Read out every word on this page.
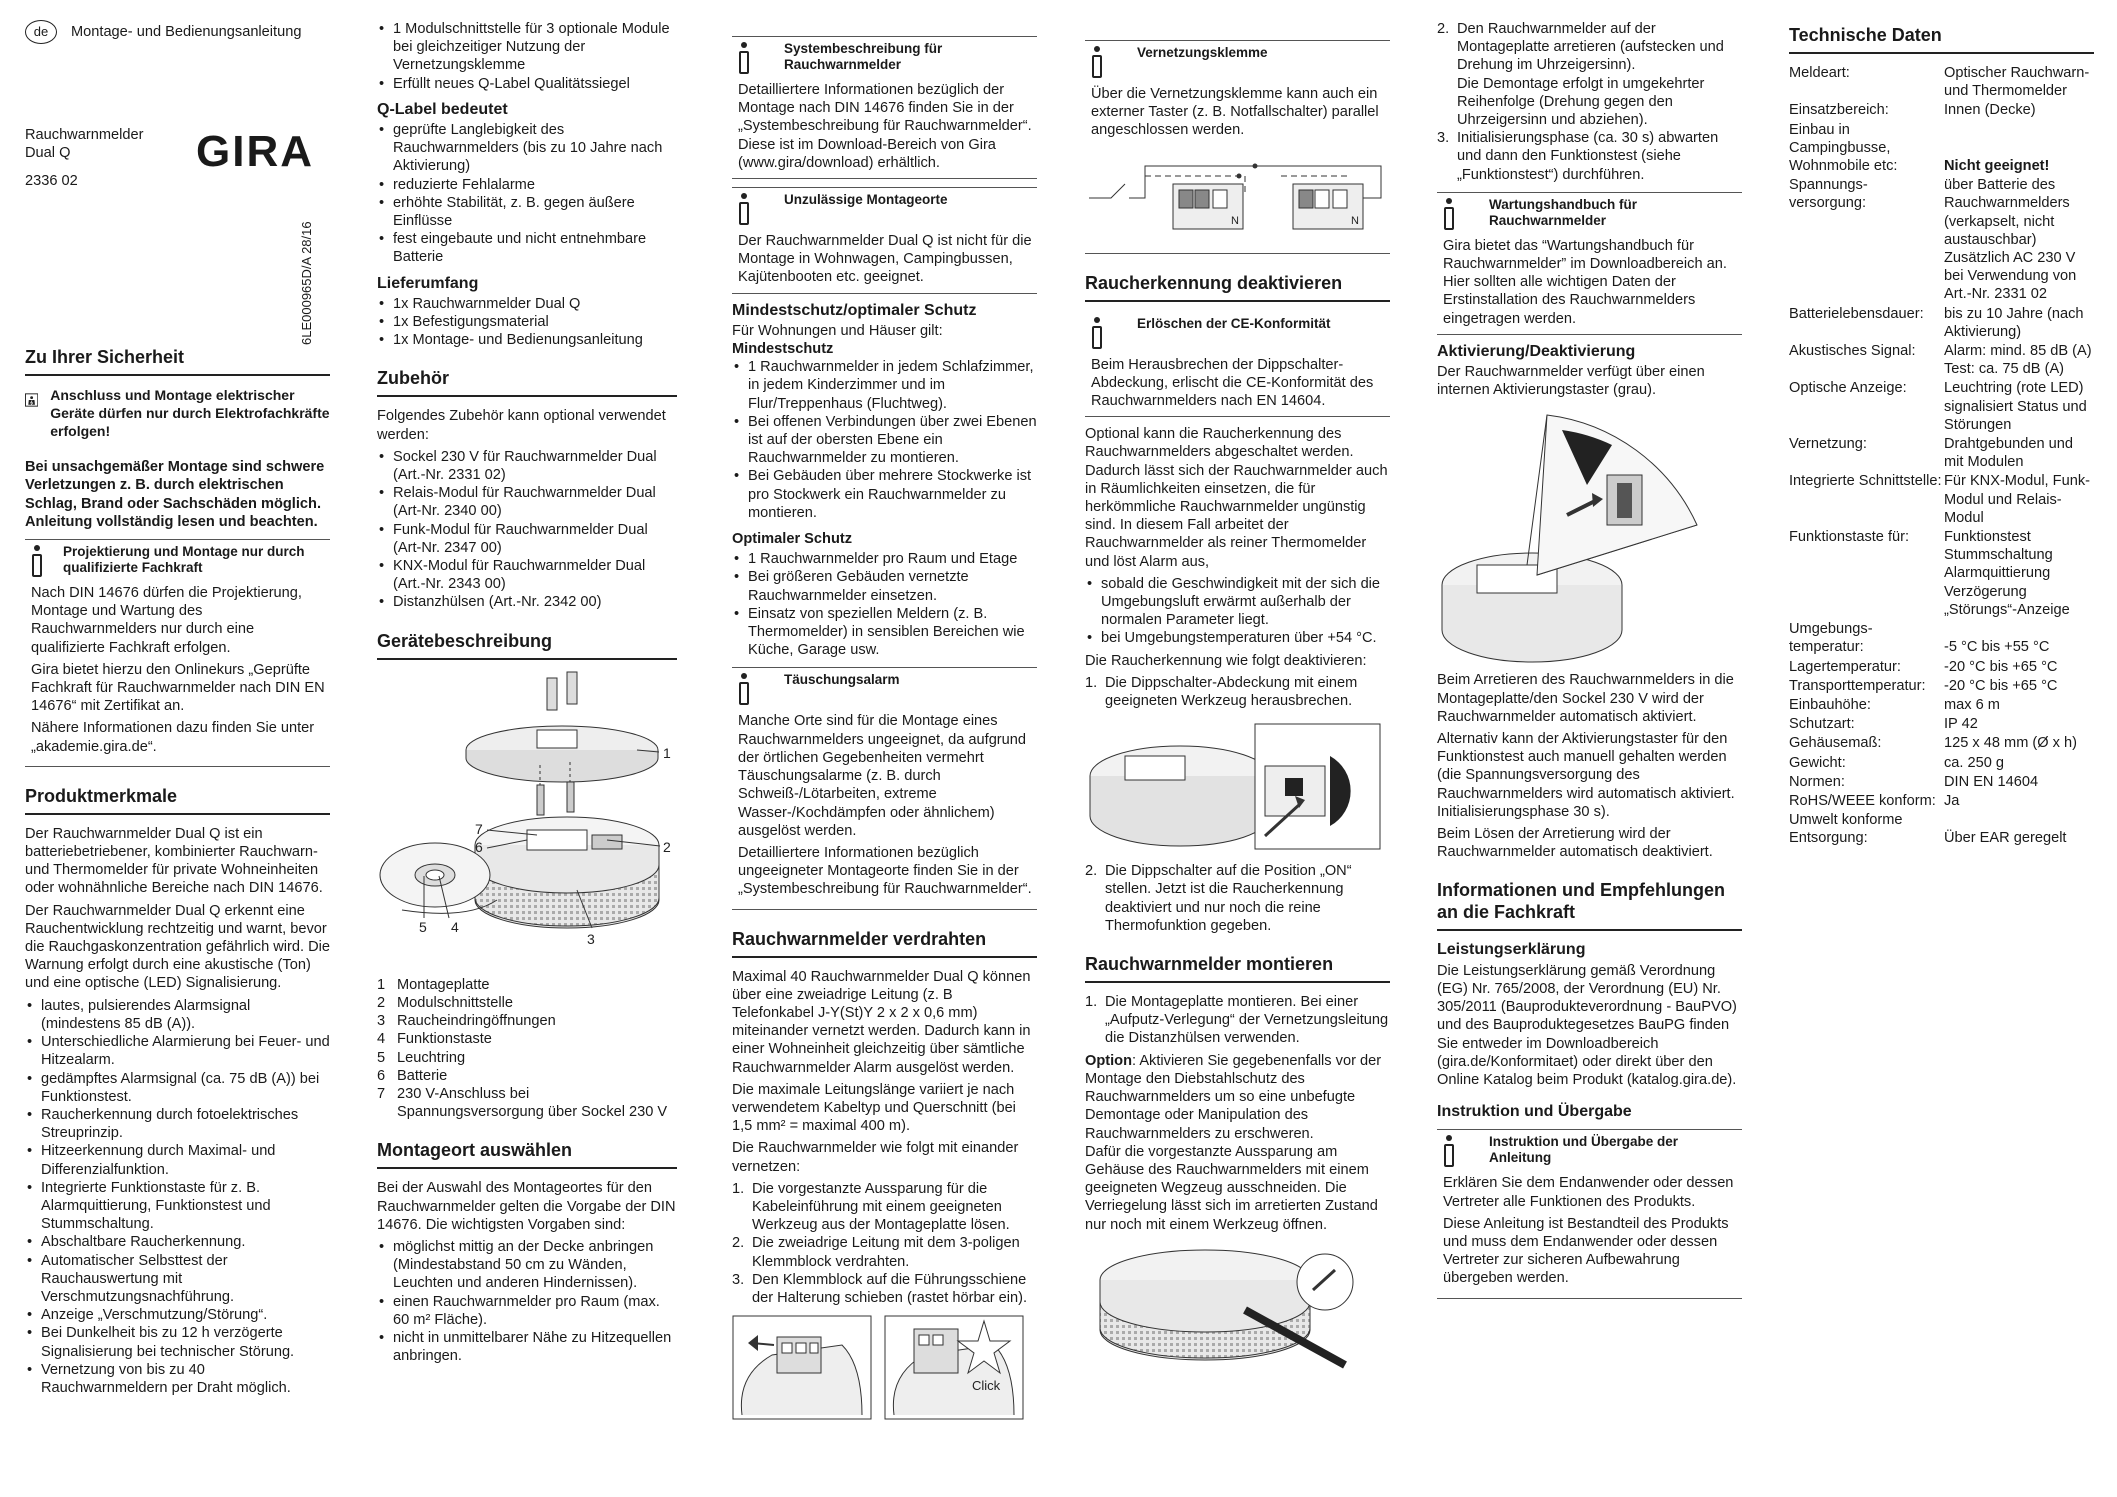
de	Montage- und Bedienungsanleitung
Rauchwarnmelder
Dual Q
2336 02
GIRA
Zu Ihrer Sicherheit
Anschluss und Montage elektrischer Geräte dürfen nur durch Elektrofachkräfte erfolgen!

Bei unsachgemäßer Montage sind schwere Verletzungen z. B. durch elektrischen Schlag, Brand oder Sachschäden möglich. Anleitung vollständig lesen und beachten.

Projektierung und Montage nur durch qualifizierte Fachkraft

Nach DIN 14676 dürfen die Projektierung, Montage und Wartung des Rauchwarnmelders nur durch eine qualifizierte Fachkraft erfolgen.

Gira bietet hierzu den Onlinekurs „Geprüfte Fachkraft für Rauchwarnmelder nach DIN EN 14676“ mit Zertifikat an.

Nähere Informationen dazu finden Sie unter „akademie.gira.de“.

Produktmerkmale

Der Rauchwarnmelder Dual Q ist ein batteriebetriebener, kombinierter Rauchwarn- und Thermomelder für private Wohneinheiten oder wohnähnliche Bereiche nach DIN 14676.

Der Rauchwarnmelder Dual Q erkennt eine Rauchentwicklung rechtzeitig und warnt, bevor die Rauchgaskonzentration gefährlich wird. Die Warnung erfolgt durch eine akustische (Ton) und eine optische (LED) Signalisierung.

• lautes, pulsierendes Alarmsignal (mindestens 85 dB (A)).
• Unterschiedliche Alarmierung bei Feuer- und Hitzealarm.
• gedämpftes Alarmsignal (ca. 75 dB (A)) bei Funktionstest.
• Raucherkennung durch fotoelektrisches Streuprinzip.
• Hitzeerkennung durch Maximal- und Differenzialfunktion.
• Integrierte Funktionstaste für z. B. Alarmquittierung, Funktionstest und Stummschaltung.
• Abschaltbare Raucherkennung.
• Automatischer Selbsttest der Rauchauswertung mit Verschmutzungsnachführung.
• Anzeige „Verschmutzung/Störung“.
• Bei Dunkelheit bis zu 12 h verzögerte Signalisierung bei technischer Störung.
• Vernetzung von bis zu 40 Rauchwarnmeldern per Draht möglich.
6LE000965D/A 28/16
• 1 Modulschnittstelle für 3 optionale Module bei gleichzeitiger Nutzung der Vernetzungsklemme
• Erfüllt neues Q-Label Qualitätssiegel
Q-Label bedeutet
• geprüfte Langlebigkeit des Rauchwarnmelders (bis zu 10 Jahre nach Aktivierung)
• reduzierte Fehlalarme
• erhöhte Stabilität, z. B. gegen äußere Einflüsse
• fest eingebaute und nicht entnehmbare Batterie
Lieferumfang
• 1x Rauchwarnmelder Dual Q
• 1x Befestigungsmaterial
• 1x Montage- und Bedienungsanleitung
Zubehör

Folgendes Zubehör kann optional verwendet werden:

• Sockel 230 V für Rauchwarnmelder Dual (Art.-Nr. 2331 02)
• Relais-Modul für Rauchwarnmelder Dual (Art-Nr. 2340 00)
• Funk-Modul für Rauchwarnmelder Dual (Art-Nr. 2347 00)
• KNX-Modul für Rauchwarnmelder Dual (Art.-Nr. 2343 00)
• Distanzhülsen (Art.-Nr. 2342 00)
Gerätebeschreibung
1
2
3
4
5
6
7
1 Montageplatte
2 Modulschnittstelle
3 Raucheindringöffnungen
4 Funktionstaste
5 Leuchtring
6 Batterie
7 230 V-Anschluss bei Spannungsversorgung über Sockel 230 V
Montageort auswählen

Bei der Auswahl des Montageortes für den Rauchwarnmelder gelten die Vorgabe der DIN 14676. Die wichtigsten Vorgaben sind:

• möglichst mittig an der Decke anbringen (Mindestabstand 50 cm zu Wänden, Leuchten und anderen Hindernissen).
• einen Rauchwarnmelder pro Raum (max. 60 m² Fläche).
• nicht in unmittelbarer Nähe zu Hitzequellen anbringen.
Systembeschreibung für Rauchwarnmelder
Detailliertere Informationen bezüglich der Montage nach DIN 14676 finden Sie in der „Systembeschreibung für Rauchwarnmelder“. Diese ist im Download-Bereich von Gira (www.gira/download) erhältlich.
Unzulässige Montageorte
Der Rauchwarnmelder Dual Q ist nicht für die Montage in Wohnwagen, Campingbussen, Kajütenbooten etc. geeignet.
Mindestschutz/optimaler Schutz

Für Wohnungen und Häuser gilt:

Mindestschutz

• 1 Rauchwarnmelder in jedem Schlafzimmer, in jedem Kinderzimmer und im Flur/Treppenhaus (Fluchtweg).
• Bei offenen Verbindungen über zwei Ebenen ist auf der obersten Ebene ein Rauchwarnmelder zu montieren.
• Bei Gebäuden über mehrere Stockwerke ist pro Stockwerk ein Rauchwarnmelder zu montieren.
Optimaler Schutz
• 1 Rauchwarnmelder pro Raum und Etage
• Bei größeren Gebäuden vernetzte Rauchwarnmelder einsetzen.
• Einsatz von speziellen Meldern (z. B. Thermomelder) in sensiblen Bereichen wie Küche, Garage usw.
Täuschungsalarm

Manche Orte sind für die Montage eines Rauchwarnmelders ungeeignet, da aufgrund der örtlichen Gegebenheiten vermehrt Täuschungsalarme (z. B. durch Schweiß-/Lötarbeiten, extreme Wasser-/Kochdämpfen oder ähnlichem) ausgelöst werden.

Detailliertere Informationen bezüglich ungeeigneter Montageorte finden Sie in der „Systembeschreibung für Rauchwarnmelder“.

Rauchwarnmelder verdrahten

Maximal 40 Rauchwarnmelder Dual Q können über eine zweiadrige Leitung (z. B Telefonkabel J-Y(St)Y 2 x 2 x 0,6 mm) miteinander vernetzt werden. Dadurch kann in einer Wohneinheit gleichzeitig über sämtliche Rauchwarnmelder Alarm ausgelöst werden.

Die maximale Leitungslänge variiert je nach verwendetem Kabeltyp und Querschnitt (bei 1,5 mm² = maximal 400 m).

Die Rauchwarnmelder wie folgt mit einander vernetzen:

1. Die vorgestanzte Aussparung für die Kabeleinführung mit einem geeigneten Werkzeug aus der Montageplatte lösen.
2. Die zweiadrige Leitung mit dem 3-poligen Klemmblock verdrahten.
3. Den Klemmblock auf die Führungsschiene der Halterung schieben (rastet hörbar ein).
Click
Vernetzungsklemme
Über die Vernetzungsklemme kann auch ein externer Taster (z. B. Notfallschalter) parallel angeschlossen werden.
N	N
Raucherkennung deaktivieren
Erlöschen der CE-Konformität
Beim Herausbrechen der Dippschalter-Abdeckung, erlischt die CE-Konformität des Rauchwarnmelders nach EN 14604.

Optional kann die Raucherkennung des Rauchwarnmelders abgeschaltet werden. Dadurch lässt sich der Rauchwarnmelder auch in Räumlichkeiten einsetzen, die für herkömmliche Rauchwarnmelder ungünstig sind. In diesem Fall arbeitet der Rauchwarnmelder als reiner Thermomelder und löst Alarm aus,

• sobald die Geschwindigkeit mit der sich die Umgebungsluft erwärmt außerhalb der normalen Parameter liegt.
• bei Umgebungstemperaturen über +54 °C.

Die Raucherkennung wie folgt deaktivieren:

1. Die Dippschalter-Abdeckung mit einem geeigneten Werkzeug herausbrechen.
2. Die Dippschalter auf die Position „ON“ stellen. Jetzt ist die Raucherkennung deaktiviert und nur noch die reine Thermofunktion gegeben.
Rauchwarnmelder montieren
1. Die Montageplatte montieren. Bei einer „Aufputz-Verlegung“ der Vernetzungsleitung die Distanzhülsen verwenden.

Option: Aktivieren Sie gegebenenfalls vor der Montage den Diebstahlschutz des Rauchwarnmelders um so eine unbefugte Demontage oder Manipulation des Rauchwarnmelders zu erschweren.

Dafür die vorgestanzte Aussparung am Gehäuse des Rauchwarnmelders mit einem geeigneten Wegzeug ausschneiden. Die Verriegelung lässt sich im arretierten Zustand nur noch mit einem Werkzeug öffnen.

2. Den Rauchwarnmelder auf der Montageplatte arretieren (aufstecken und Drehung im Uhrzeigersinn).
Die Demontage erfolgt in umgekehrter Reihenfolge (Drehung gegen den Uhrzeigersinn und abziehen).
3. Initialisierungsphase (ca. 30 s) abwarten und dann den Funktionstest (siehe „Funktionstest“) durchführen.
Wartungshandbuch für Rauchwarnmelder
Gira bietet das “Wartungshandbuch für Rauchwarnmelder” im Downloadbereich an. Hier sollten alle wichtigen Daten der Erstinstallation des Rauchwarnmelders eingetragen werden.
Aktivierung/Deaktivierung

Der Rauchwarnmelder verfügt über einen internen Aktivierungstaster (grau).

Beim Arretieren des Rauchwarnmelders in die Montageplatte/den Sockel 230 V wird der Rauchwarnmelder automatisch aktiviert.

Alternativ kann der Aktivierungstaster für den Funktionstest auch manuell gehalten werden (die Spannungsversorgung des Rauchwarnmelders wird automatisch aktiviert. Initialisierungsphase 30 s).

Beim Lösen der Arretierung wird der Rauchwarnmelder automatisch deaktiviert.

Informationen und Empfehlungen an die Fachkraft
Leistungserklärung

Die Leistungserklärung gemäß Verordnung (EG) Nr. 765/2008, der Verordnung (EU) Nr. 305/2011 (Bauprodukteverordnung - BauPVO) und des Bauproduktegesetzes BauPG finden Sie entweder im Downloadbereich (gira.de/Konformitaet) oder direkt über den Online Katalog beim Produkt (katalog.gira.de).

Instruktion und Übergabe
Instruktion und Übergabe der Anleitung

Erklären Sie dem Endanwender oder dessen Vertreter alle Funktionen des Produkts.

Diese Anleitung ist Bestandteil des Produkts und muss dem Endanwender oder dessen Vertreter zur sicheren Aufbewahrung übergeben werden.

Technische Daten
Meldeart:	Optischer Rauchwarn- und Thermomelder
Einsatzbereich:	Innen (Decke)
Einbau in Campingbusse, Wohnmobile etc:	Nicht geeignet!
Spannungs-versorgung:
über Batterie des Rauchwarnmelders (verkapselt, nicht austauschbar) Zusätzlich AC 230 V bei Verwendung von Art.-Nr. 2331 02
Batterielebensdauer:	bis zu 10 Jahre (nach Aktivierung)
Akustisches Signal:	Alarm: mind. 85 dB (A) Test: ca. 75 dB (A)
Optische Anzeige:	Leuchtring (rote LED) signalisiert Status und Störungen
Vernetzung:	Drahtgebunden und mit Modulen
Integrierte Schnittstelle: Für KNX-Modul, Funk-Modul und Relais-Modul
Funktionstaste für:	Funktionstest Stummschaltung Alarmquittierung Verzögerung „Störungs“-Anzeige
Umgebungs-temperatur:	-5 °C bis +55 °C
Lagertemperatur:	-20 °C bis +65 °C
Transporttemperatur:	-20 °C bis +65 °C
Einbauhöhe:	max 6 m
Schutzart:	IP 42
Gehäusemaß:	125 x 48 mm (Ø x h)
Gewicht:	ca. 250 g
Normen:	DIN EN 14604
RoHS/WEEE konform: Ja
Umwelt konforme Entsorgung:	Über EAR geregelt
